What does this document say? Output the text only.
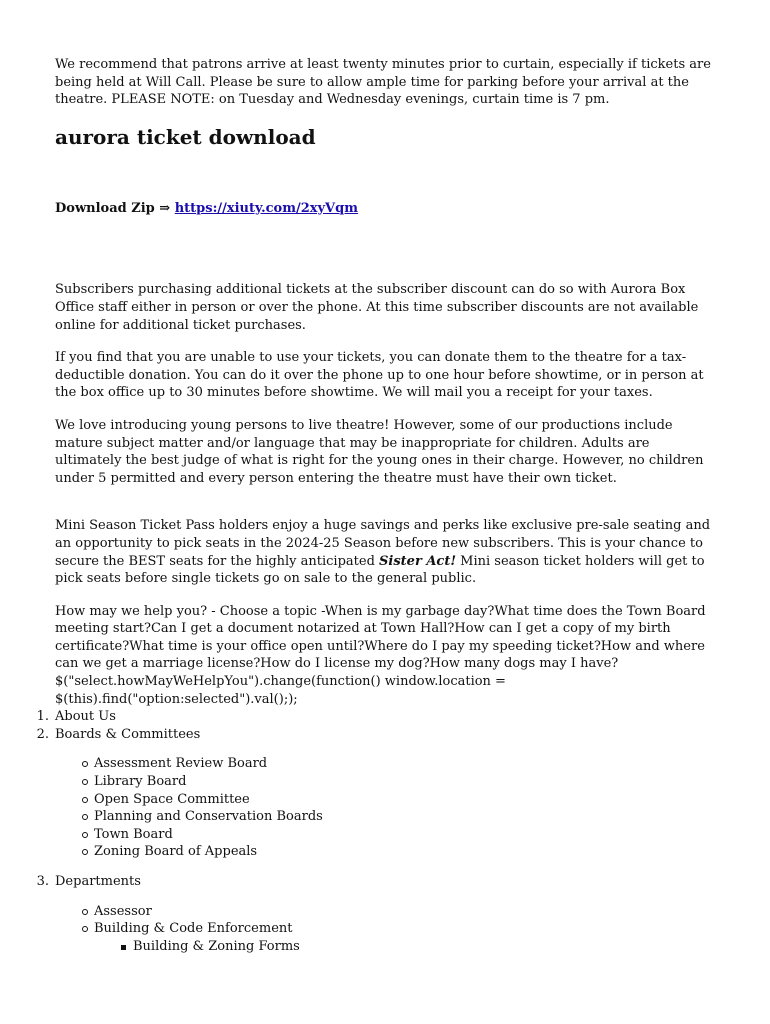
We recommend that patrons arrive at least twenty minutes prior to curtain, especially if tickets are being held at Will Call. Please be sure to allow ample time for parking before your arrival at the theatre. PLEASE NOTE: on Tuesday and Wednesday evenings, curtain time is 7 pm.

aurora ticket download

Download Zip ⇒ https://xiuty.com/2xyVqm

Subscribers purchasing additional tickets at the subscriber discount can do so with Aurora Box Office staff either in person or over the phone. At this time subscriber discounts are not available online for additional ticket purchases.

If you find that you are unable to use your tickets, you can donate them to the theatre for a tax-deductible donation. You can do it over the phone up to one hour before showtime, or in person at the box office up to 30 minutes before showtime. We will mail you a receipt for your taxes.

We love introducing young persons to live theatre! However, some of our productions include mature subject matter and/or language that may be inappropriate for children. Adults are ultimately the best judge of what is right for the young ones in their charge. However, no children under 5 permitted and every person entering the theatre must have their own ticket.

Mini Season Ticket Pass holders enjoy a huge savings and perks like exclusive pre-sale seating and an opportunity to pick seats in the 2024-25 Season before new subscribers. This is your chance to secure the BEST seats for the highly anticipated Sister Act! Mini season ticket holders will get to pick seats before single tickets go on sale to the general public.

How may we help you? - Choose a topic -When is my garbage day?What time does the Town Board meeting start?Can I get a document notarized at Town Hall?How can I get a copy of my birth certificate?What time is your office open until?Where do I pay my speeding ticket?How and where can we get a marriage license?How do I license my dog?How many dogs may I have?$("select.howMayWeHelpYou").change(function() window.location = $(this).find("option:selected").val(););

1. About Us
2. Boards & Committees
Assessment Review Board
Library Board
Open Space Committee
Planning and Conservation Boards
Town Board
Zoning Board of Appeals
3. Departments
Assessor
Building & Code Enforcement
Building & Zoning Forms
